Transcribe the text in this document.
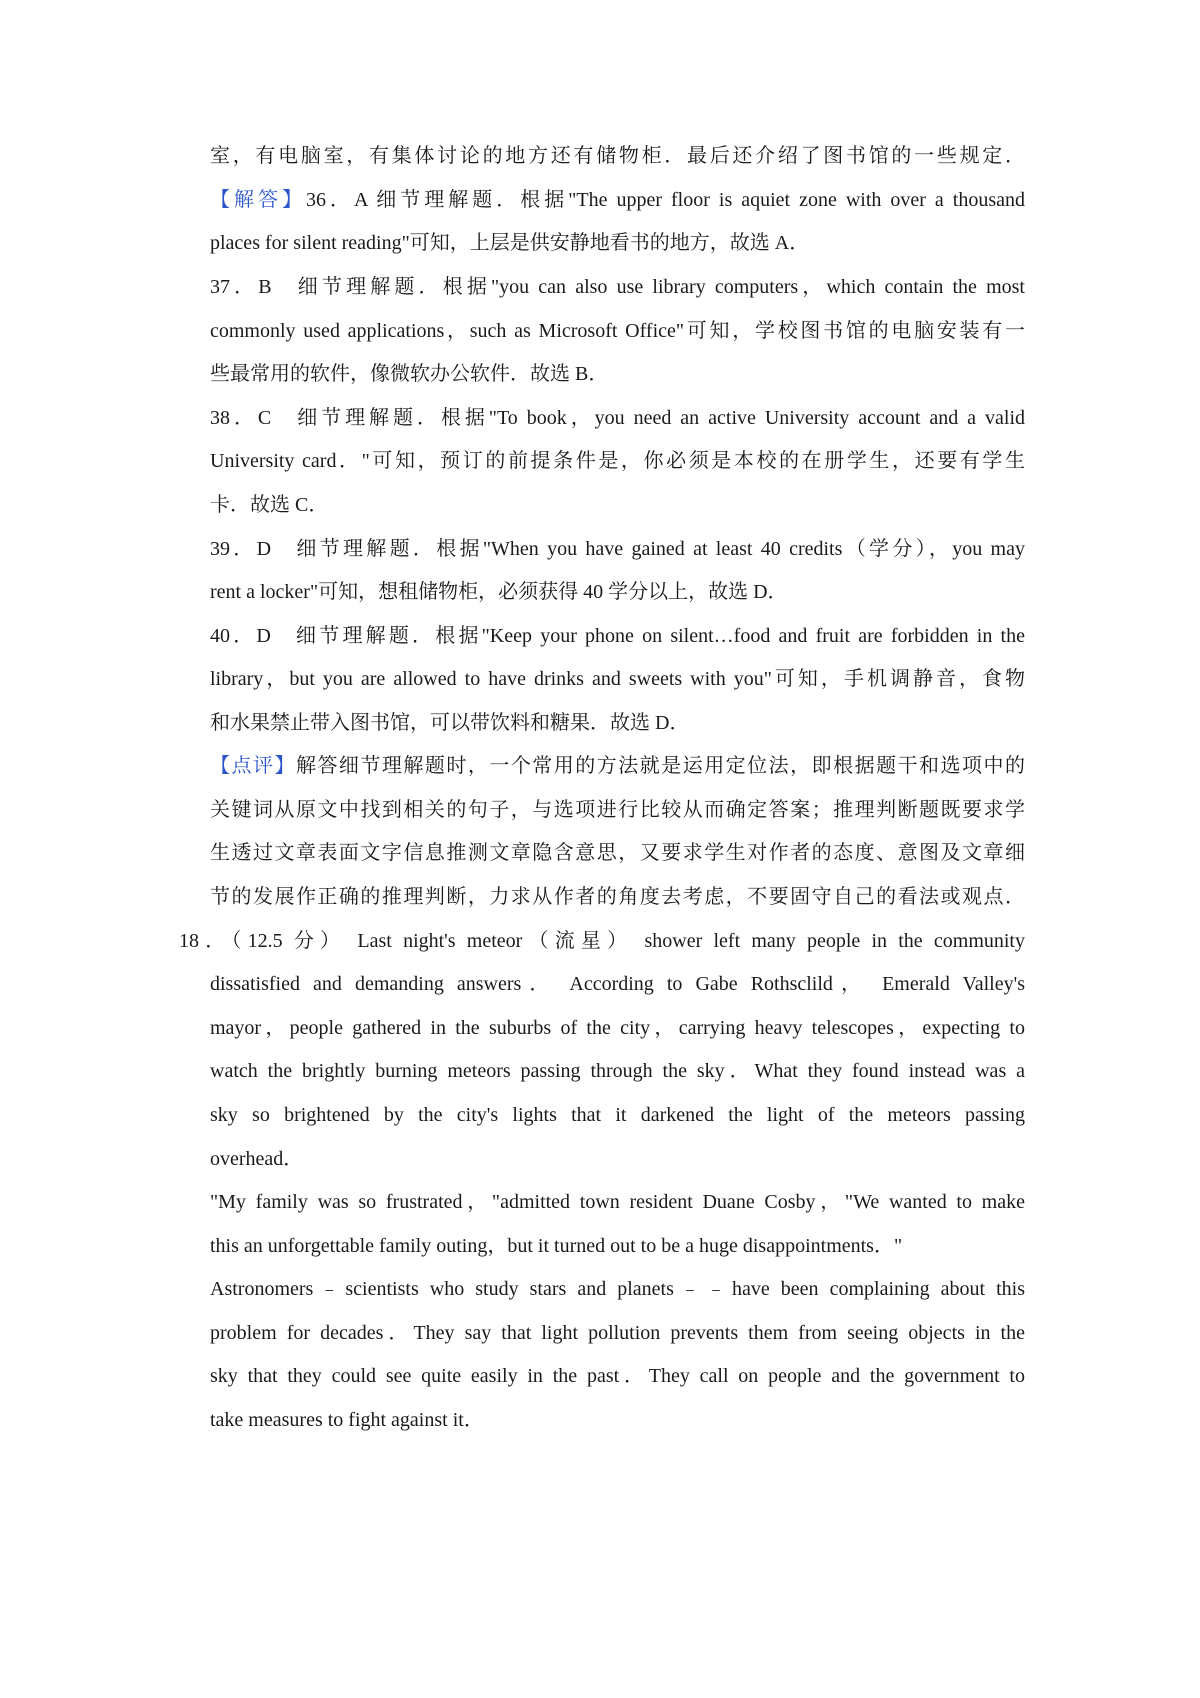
室，有电脑室，有集体讨论的地方还有储物柜．最后还介绍了图书馆的一些规定．
【解答】36．A 细节理解题．根据"The upper floor is aquiet zone with over a thousand
places for silent reading"可知，上层是供安静地看书的地方，故选 A．
37．B 细节理解题．根据"you can also use library computers，which contain the most
commonly used applications，such as Microsoft Office"可知，学校图书馆的电脑安装有一
些最常用的软件，像微软办公软件．故选 B．
38．C 细节理解题．根据"To book，you need an active University account and a valid
University card．"可知，预订的前提条件是，你必须是本校的在册学生，还要有学生
卡．故选 C．
39．D 细节理解题．根据"When you have gained at least 40 credits（学分），you may
rent a locker"可知，想租储物柜，必须获得 40 学分以上，故选 D．
40．D 细节理解题．根据"Keep your phone on silent…food and fruit are forbidden in the
library，but you are allowed to have drinks and sweets with you"可知，手机调静音，食物
和水果禁止带入图书馆，可以带饮料和糖果．故选 D．
【点评】解答细节理解题时，一个常用的方法就是运用定位法，即根据题干和选项中的
关键词从原文中找到相关的句子，与选项进行比较从而确定答案；推理判断题既要求学
生透过文章表面文字信息推测文章隐含意思，又要求学生对作者的态度、意图及文章细
节的发展作正确的推理判断，力求从作者的角度去考虑，不要固守自己的看法或观点．
18．（12.5 分） Last night's meteor（流星） shower left many people in the community
dissatisfied and demanding answers． According to Gabe Rothsclild， Emerald Valley's
mayor，people gathered in the suburbs of the city，carrying heavy telescopes，expecting to
watch the brightly burning meteors passing through the sky．What they found instead was a
sky so brightened by the city's lights that it darkened the light of the meteors passing
overhead．
"My family was so frustrated，"admitted town resident Duane Cosby，"We wanted to make
this an unforgettable family outing，but it turned out to be a huge disappointments．"
Astronomers﹣scientists who study stars and planets﹣﹣have been complaining about this
problem for decades．They say that light pollution prevents them from seeing objects in the
sky that they could see quite easily in the past．They call on people and the government to
take measures to fight against it．
